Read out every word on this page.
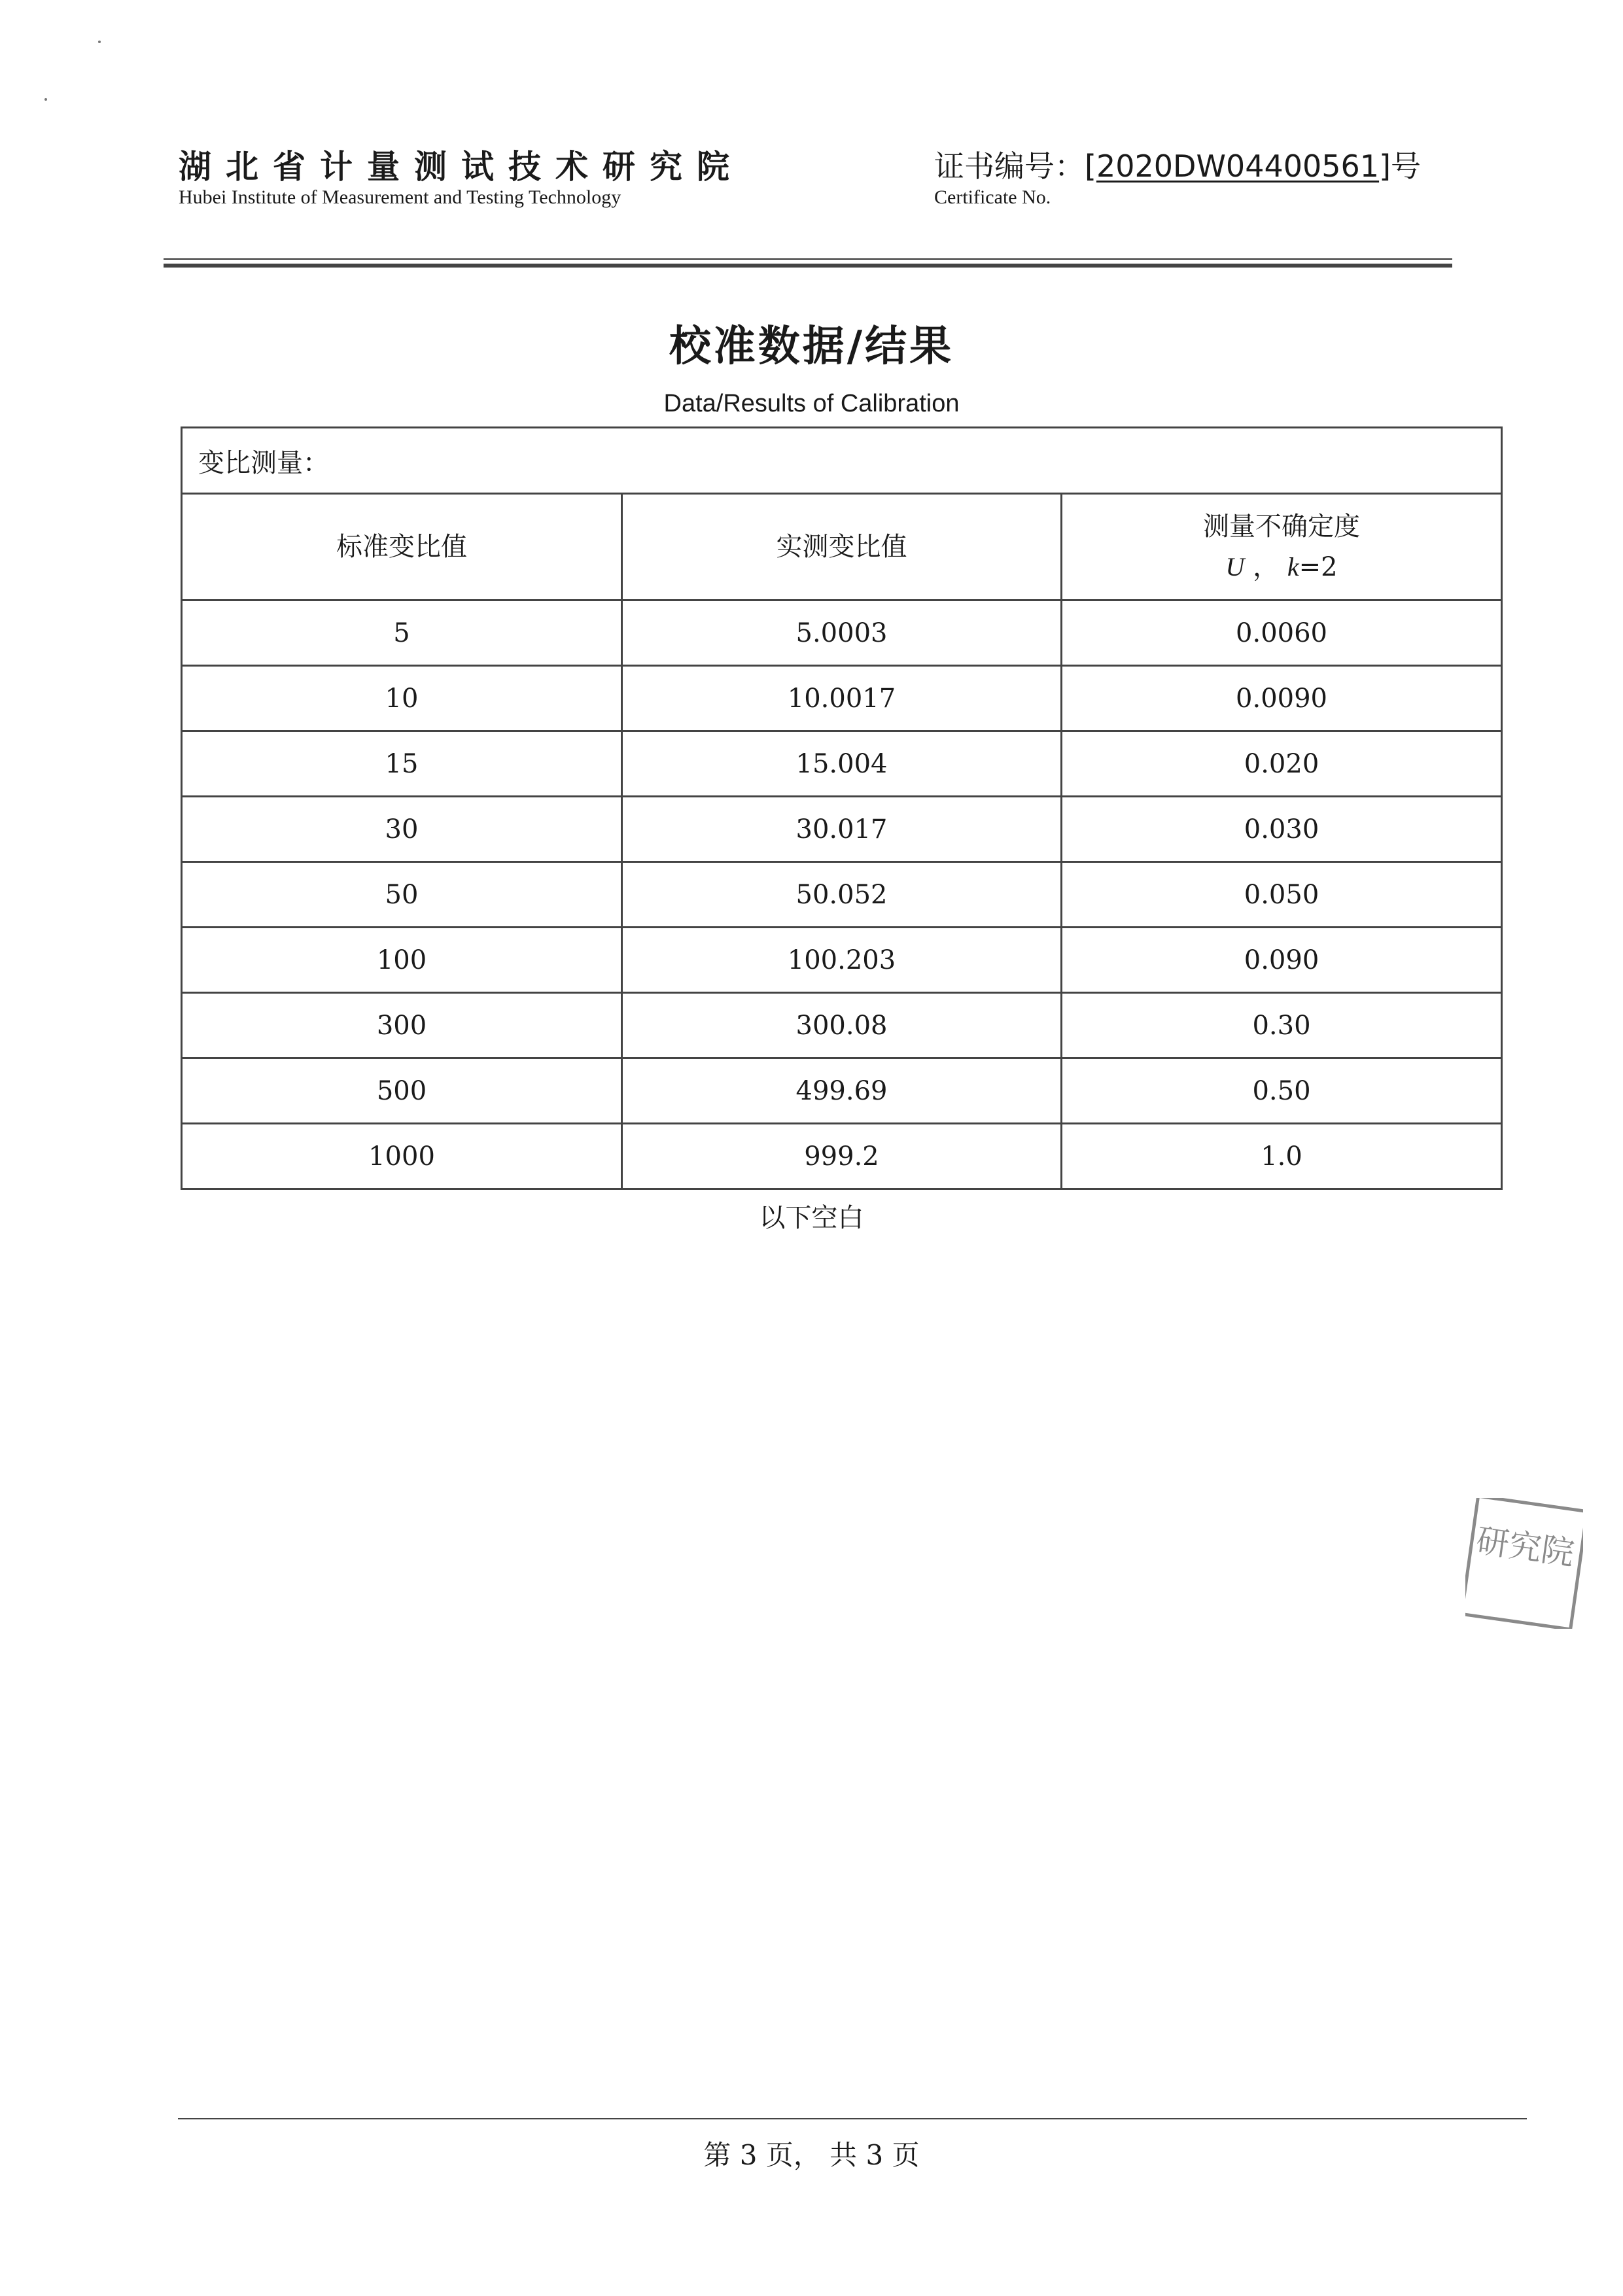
湖北省计量测试技术研究院
Hubei Institute of Measurement and Testing Technology
证书编号：[2020DW04400561]号
Certificate No.
校准数据/结果
Data/Results of Calibration
变比测量：		
标准变比值	实测变比值	测量不确定度
U ， k=2

5	5.0003	0.0060
10	10.0017	0.0090
15	15.004	0.020
30	30.017	0.030
50	50.052	0.050
100	100.203	0.090
300	300.08	0.30
500	499.69	0.50
1000	999.2	1.0
以下空白
研究院
第 3 页， 共 3 页
